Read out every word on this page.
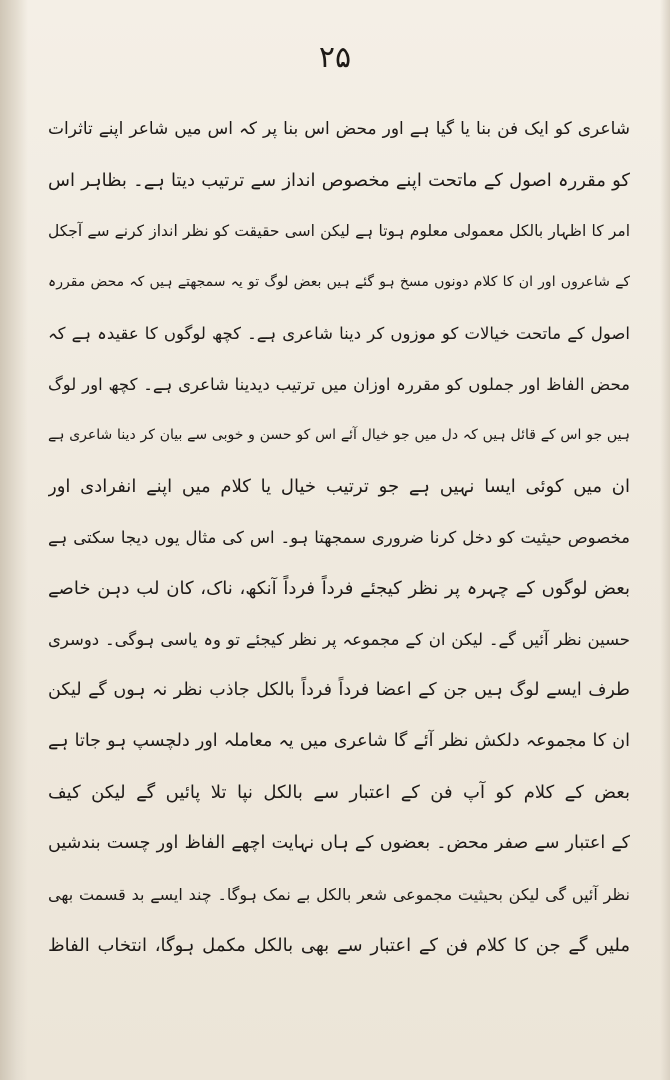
۲۵
شاعری کو ایک فن بنا یا گیا ہے اور محض اس بنا پر کہ اس میں شاعر اپنے تاثرات
کو مقررہ اصول کے ماتحت اپنے مخصوص انداز سے ترتیب دیتا ہے۔ بظاہر اس
امر کا اظہار بالکل معمولی معلوم ہوتا ہے لیکن اسی حقیقت کو نظر انداز کرنے سے آجکل
کے شاعروں اور ان کا کلام دونوں مسخ ہو گئے ہیں بعض لوگ تو یہ سمجھتے ہیں کہ محض مقررہ
اصول کے ماتحت خیالات کو موزوں کر دینا شاعری ہے۔ کچھ لوگوں کا عقیدہ ہے کہ
محض الفاظ اور جملوں کو مقررہ اوزان میں ترتیب دیدینا شاعری ہے۔ کچھ اور لوگ
ہیں جو اس کے قائل ہیں کہ دل میں جو خیال آئے اس کو حسن و خوبی سے بیان کر دینا شاعری ہے
ان میں کوئی ایسا نہیں ہے جو ترتیب خیال یا کلام میں اپنے انفرادی اور
مخصوص حیثیت کو دخل کرنا ضروری سمجھتا ہو۔ اس کی مثال یوں دیجا سکتی ہے
بعض لوگوں کے چہرہ پر نظر کیجئے فرداً فرداً آنکھ، ناک، کان لب دہن خاصے
حسین نظر آئیں گے۔ لیکن ان کے مجموعہ پر نظر کیجئے تو وہ یاسی ہوگی۔ دوسری
طرف ایسے لوگ ہیں جن کے اعضا فرداً فرداً بالکل جاذب نظر نہ ہوں گے لیکن
ان کا مجموعہ دلکش نظر آئے گا شاعری میں یہ معاملہ اور دلچسپ ہو جاتا ہے
بعض کے کلام کو آپ فن کے اعتبار سے بالکل نپا تلا پائیں گے لیکن کیف
کے اعتبار سے صفر محض۔ بعضوں کے ہاں نہایت اچھے الفاظ اور چست بندشیں
نظر آئیں گی لیکن بحیثیت مجموعی شعر بالکل بے نمک ہوگا۔ چند ایسے بد قسمت بھی
ملیں گے جن کا کلام فن کے اعتبار سے بھی بالکل مکمل ہوگا، انتخاب الفاظ
